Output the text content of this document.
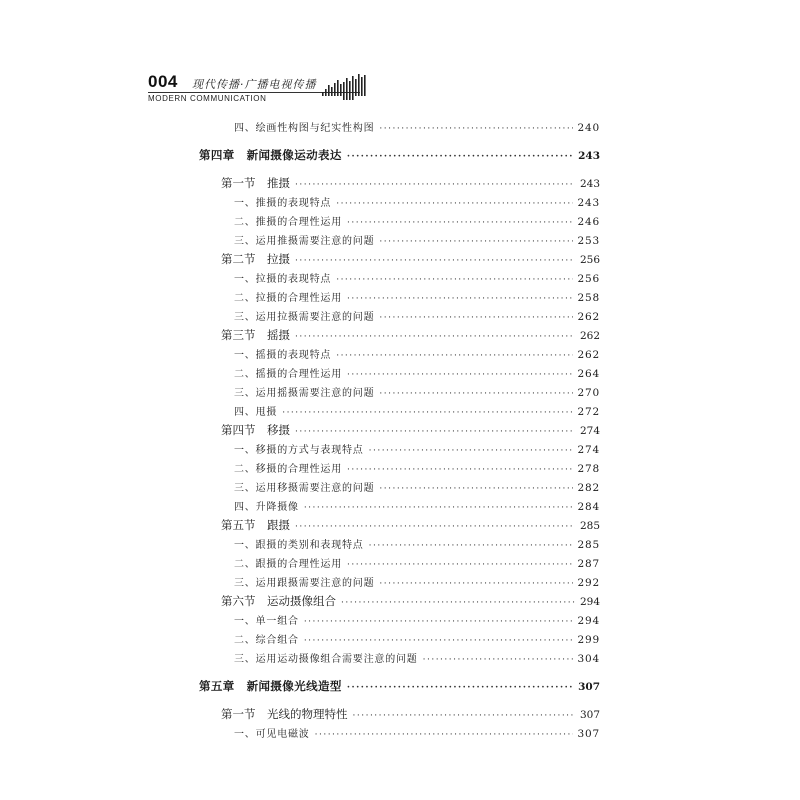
004 现代传播·广播电视传播
MODERN COMMUNICATION
四、绘画性构图与纪实性构图 ·····	240
第四章　新闻摄像运动表达 ·····	243
第一节　推摄 ·····	243
一、推摄的表现特点 ·····	243
二、推摄的合理性运用 ·····	246
三、运用推摄需要注意的问题 ·····	253
第二节　拉摄 ·····	256
一、拉摄的表现特点 ·····	256
二、拉摄的合理性运用 ·····	258
三、运用拉摄需要注意的问题 ·····	262
第三节　摇摄 ·····	262
一、摇摄的表现特点 ·····	262
二、摇摄的合理性运用 ·····	264
三、运用摇摄需要注意的问题 ·····	270
四、甩摄 ·····	272
第四节　移摄 ·····	274
一、移摄的方式与表现特点 ·····	274
二、移摄的合理性运用 ·····	278
三、运用移摄需要注意的问题 ·····	282
四、升降摄像 ·····	284
第五节　跟摄 ·····	285
一、跟摄的类别和表现特点 ·····	285
二、跟摄的合理性运用 ·····	287
三、运用跟摄需要注意的问题 ·····	292
第六节　运动摄像组合 ·····	294
一、单一组合 ·····	294
二、综合组合 ·····	299
三、运用运动摄像组合需要注意的问题 ·····	304
第五章　新闻摄像光线造型 ·····	307
第一节　光线的物理特性 ·····	307
一、可见电磁波 ·····	307
